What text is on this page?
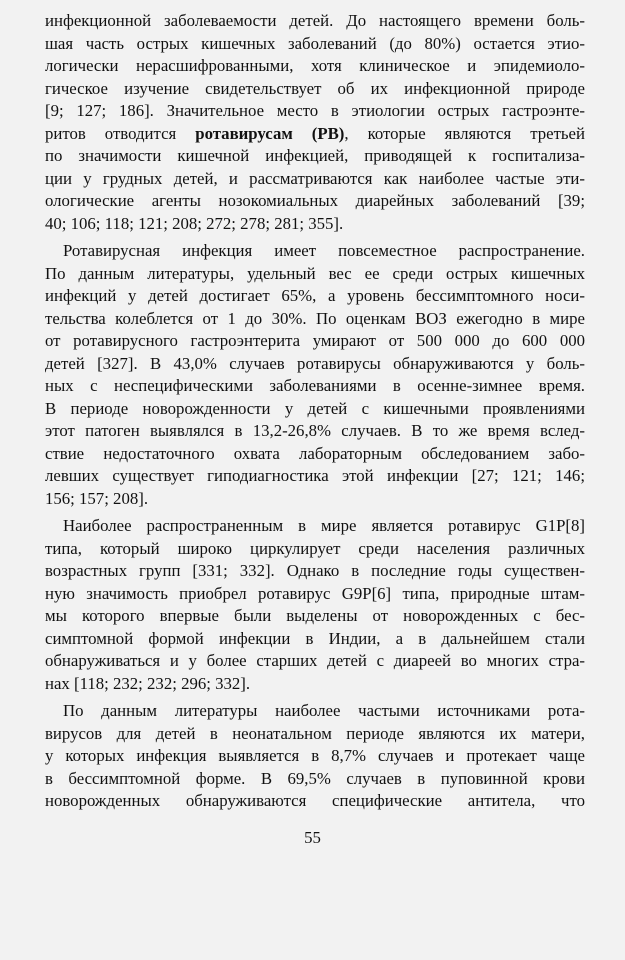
инфекционной заболеваемости детей. До настоящего времени боль-
шая часть острых кишечных заболеваний (до 80%) остается этио-
логически нерасшифрованными, хотя клиническое и эпидемиоло-
гическое изучение свидетельствует об их инфекционной природе
[9; 127; 186]. Значительное место в этиологии острых гастроэнте-
ритов отводится ротавирусам (РВ), которые являются третьей
по значимости кишечной инфекцией, приводящей к госпитализа-
ции у грудных детей, и рассматриваются как наиболее частые эти-
ологические агенты нозокомиальных диарейных заболеваний [39;
40; 106; 118; 121; 208; 272; 278; 281; 355].
Ротавирусная инфекция имеет повсеместное распространение.
По данным литературы, удельный вес ее среди острых кишечных
инфекций у детей достигает 65%, а уровень бессимптомного носи-
тельства колеблется от 1 до 30%. По оценкам ВОЗ ежегодно в мире
от ротавирусного гастроэнтерита умирают от 500 000 до 600 000
детей [327]. В 43,0% случаев ротавирусы обнаруживаются у боль-
ных с неспецифическими заболеваниями в осенне-зимнее время.
В периоде новорожденности у детей с кишечными проявлениями
этот патоген выявлялся в 13,2-26,8% случаев. В то же время вслед-
ствие недостаточного охвата лабораторным обследованием забо-
левших существует гиподиагностика этой инфекции [27; 121; 146;
156; 157; 208].
Наиболее распространенным в мире является ротавирус G1P[8]
типа, который широко циркулирует среди населения различных
возрастных групп [331; 332]. Однако в последние годы существен-
ную значимость приобрел ротавирус G9P[6] типа, природные штам-
мы которого впервые были выделены от новорожденных с бес-
симптомной формой инфекции в Индии, а в дальнейшем стали
обнаруживаться и у более старших детей с диареей во многих стра-
нах [118; 232; 232; 296; 332].
По данным литературы наиболее частыми источниками рота-
вирусов для детей в неонатальном периоде являются их матери,
у которых инфекция выявляется в 8,7% случаев и протекает чаще
в бессимптомной форме. В 69,5% случаев в пуповинной крови
новорожденных обнаруживаются специфические антитела, что
55
